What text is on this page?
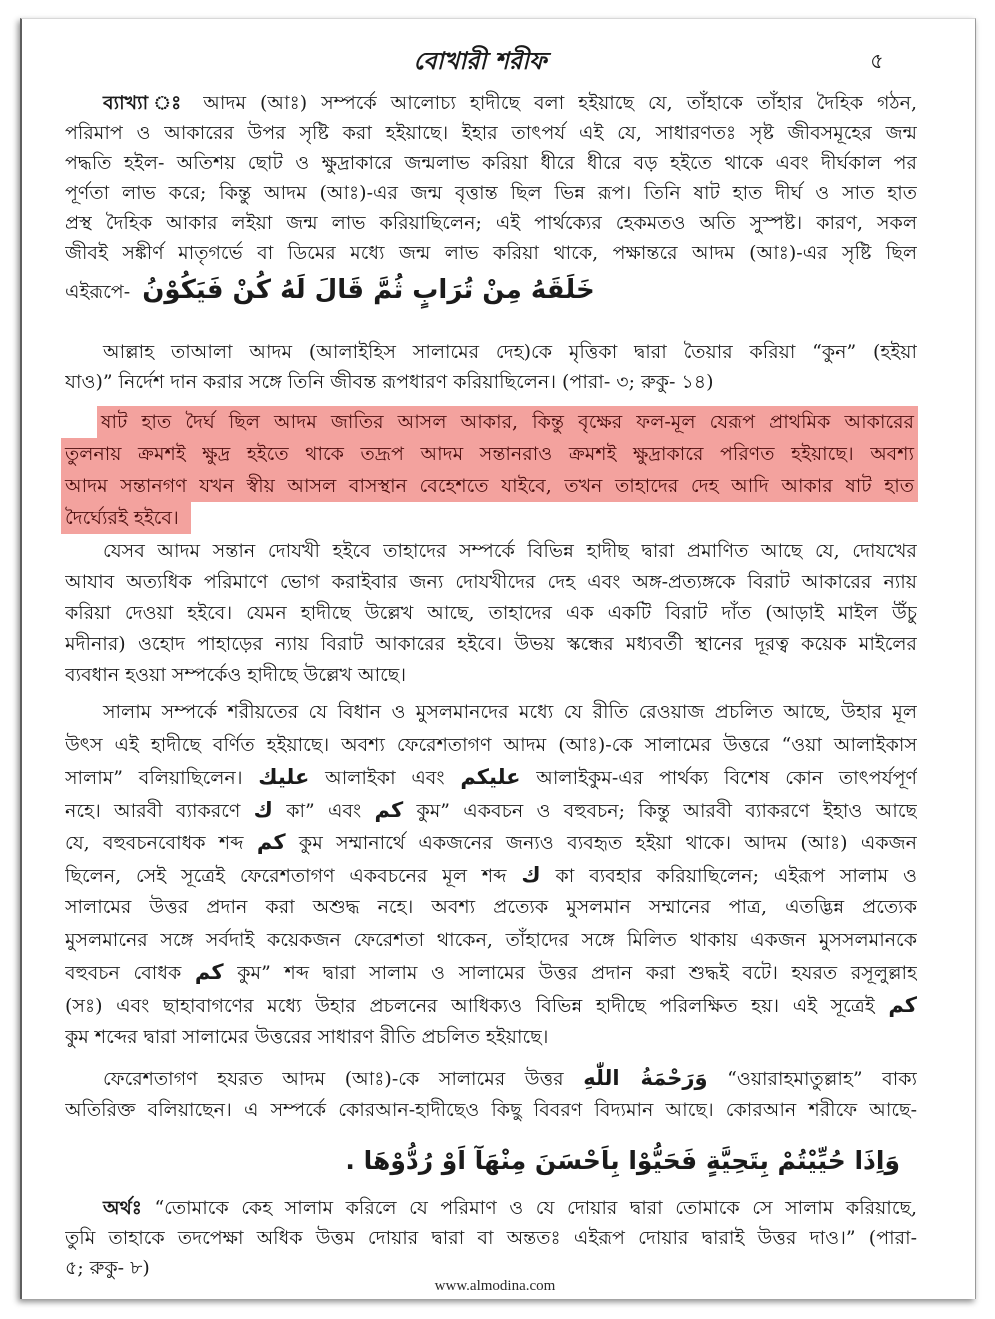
বোখারী শরীফ	৫
ব্যাখ্যা ঃ আদম (আঃ) সম্পর্কে আলোচ্য হাদীছে বলা হইয়াছে যে, তাঁহাকে তাঁহার দৈহিক গঠন,
পরিমাপ ও আকারের উপর সৃষ্টি করা হইয়াছে। ইহার তাৎপর্য এই যে, সাধারণতঃ সৃষ্ট জীবসমূহের জন্ম
পদ্ধতি হইল- অতিশয় ছোট ও ক্ষুদ্রাকারে জন্মলাভ করিয়া ধীরে ধীরে বড় হইতে থাকে এবং দীর্ঘকাল পর
পূর্ণতা লাভ করে; কিন্তু আদম (আঃ)-এর জন্ম বৃত্তান্ত ছিল ভিন্ন রূপ। তিনি ষাট হাত দীর্ঘ ও সাত হাত
প্রস্থ দৈহিক আকার লইয়া জন্ম লাভ করিয়াছিলেন; এই পার্থক্যের হেকমতও অতি সুস্পষ্ট। কারণ, সকল
জীবই সঙ্কীর্ণ মাতৃগর্ভে বা ডিমের মধ্যে জন্ম লাভ করিয়া থাকে, পক্ষান্তরে আদম (আঃ)-এর সৃষ্টি ছিল
এইরূপে- خَلَقَهُ مِنْ تُرَابٍ ثُمَّ قَالَ لَهُ كُنْ فَيَكُوْنُ
আল্লাহ তাআলা আদম (আলাইহিস সালামের দেহ)কে মৃত্তিকা দ্বারা তৈয়ার করিয়া “কুন” (হইয়া
যাও)” নির্দেশ দান করার সঙ্গে তিনি জীবন্ত রূপধারণ করিয়াছিলেন। (পারা- ৩; রুকু- ১৪)
ষাট হাত দৈর্ঘ ছিল আদম জাতির আসল আকার, কিন্তু বৃক্ষের ফল-মূল যেরূপ প্রাথমিক আকারের
তুলনায় ক্রমশই ক্ষুদ্র হইতে থাকে তদ্রূপ আদম সন্তানরাও ক্রমশই ক্ষুদ্রাকারে পরিণত হইয়াছে। অবশ্য
আদম সন্তানগণ যখন স্বীয় আসল বাসস্থান বেহেশতে যাইবে, তখন তাহাদের দেহ আদি আকার ষাট হাত
দৈর্ঘ্যেরই হইবে।
যেসব আদম সন্তান দোযখী হইবে তাহাদের সম্পর্কে বিভিন্ন হাদীছ দ্বারা প্রমাণিত আছে যে, দোযখের
আযাব অত্যধিক পরিমাণে ভোগ করাইবার জন্য দোযখীদের দেহ এবং অঙ্গ-প্রত্যঙ্গকে বিরাট আকারের ন্যায়
করিয়া দেওয়া হইবে। যেমন হাদীছে উল্লেখ আছে, তাহাদের এক একটি বিরাট দাঁত (আড়াই মাইল উঁচু
মদীনার) ওহোদ পাহাড়ের ন্যায় বিরাট আকারের হইবে। উভয় স্কন্ধের মধ্যবর্তী স্থানের দূরত্ব কয়েক মাইলের
ব্যবধান হওয়া সম্পর্কেও হাদীছে উল্লেখ আছে।
সালাম সম্পর্কে শরীয়তের যে বিধান ও মুসলমানদের মধ্যে যে রীতি রেওয়াজ প্রচলিত আছে, উহার মূল
উৎস এই হাদীছে বর্ণিত হইয়াছে। অবশ্য ফেরেশতাগণ আদম (আঃ)-কে সালামের উত্তরে “ওয়া আলাইকাস
সালাম” বলিয়াছিলেন। عليك আলাইকা এবং عليكم আলাইকুম-এর পার্থক্য বিশেষ কোন তাৎপর্যপূর্ণ
নহে। আরবী ব্যাকরণে ك কা” এবং كم কুম” একবচন ও বহুবচন; কিন্তু আরবী ব্যাকরণে ইহাও আছে
যে, বহুবচনবোধক শব্দ كم কুম সম্মানার্থে একজনের জন্যও ব্যবহৃত হইয়া থাকে। আদম (আঃ) একজন
ছিলেন, সেই সূত্রেই ফেরেশতাগণ একবচনের মূল শব্দ ك কা ব্যবহার করিয়াছিলেন; এইরূপ সালাম ও
সালামের উত্তর প্রদান করা অশুদ্ধ নহে। অবশ্য প্রত্যেক মুসলমান সম্মানের পাত্র, এতদ্ভিন্ন প্রত্যেক
মুসলমানের সঙ্গে সর্বদাই কয়েকজন ফেরেশতা থাকেন, তাঁহাদের সঙ্গে মিলিত থাকায় একজন মুসসলমানকে
বহুবচন বোধক كم কুম” শব্দ দ্বারা সালাম ও সালামের উত্তর প্রদান করা শুদ্ধই বটে। হযরত রসূলুল্লাহ
(সঃ) এবং ছাহাবাগণের মধ্যে উহার প্রচলনের আধিক্যও বিভিন্ন হাদীছে পরিলক্ষিত হয়। এই সূত্রেই كم
কুম শব্দের দ্বারা সালামের উত্তরের সাধারণ রীতি প্রচলিত হইয়াছে।
ফেরেশতাগণ হযরত আদম (আঃ)-কে সালামের উত্তর وَرَحْمَةُ اللّٰهِ “ওয়ারাহমাতুল্লাহ” বাক্য
অতিরিক্ত বলিয়াছেন। এ সম্পর্কে কোরআন-হাদীছেও কিছু বিবরণ বিদ্যমান আছে। কোরআন শরীফে আছে-
وَاِذَا حُيِّيْتُمْ بِتَحِيَّةٍ فَحَيُّوْا بِاَحْسَنَ مِنْهَآ اَوْ رُدُّوْهَا .
অর্থঃ “তোমাকে কেহ সালাম করিলে যে পরিমাণ ও যে দোয়ার দ্বারা তোমাকে সে সালাম করিয়াছে,
তুমি তাহাকে তদপেক্ষা অধিক উত্তম দোয়ার দ্বারা বা অন্ততঃ এইরূপ দোয়ার দ্বারাই উত্তর দাও।” (পারা-
৫; রুকু- ৮)
www.almodina.com
